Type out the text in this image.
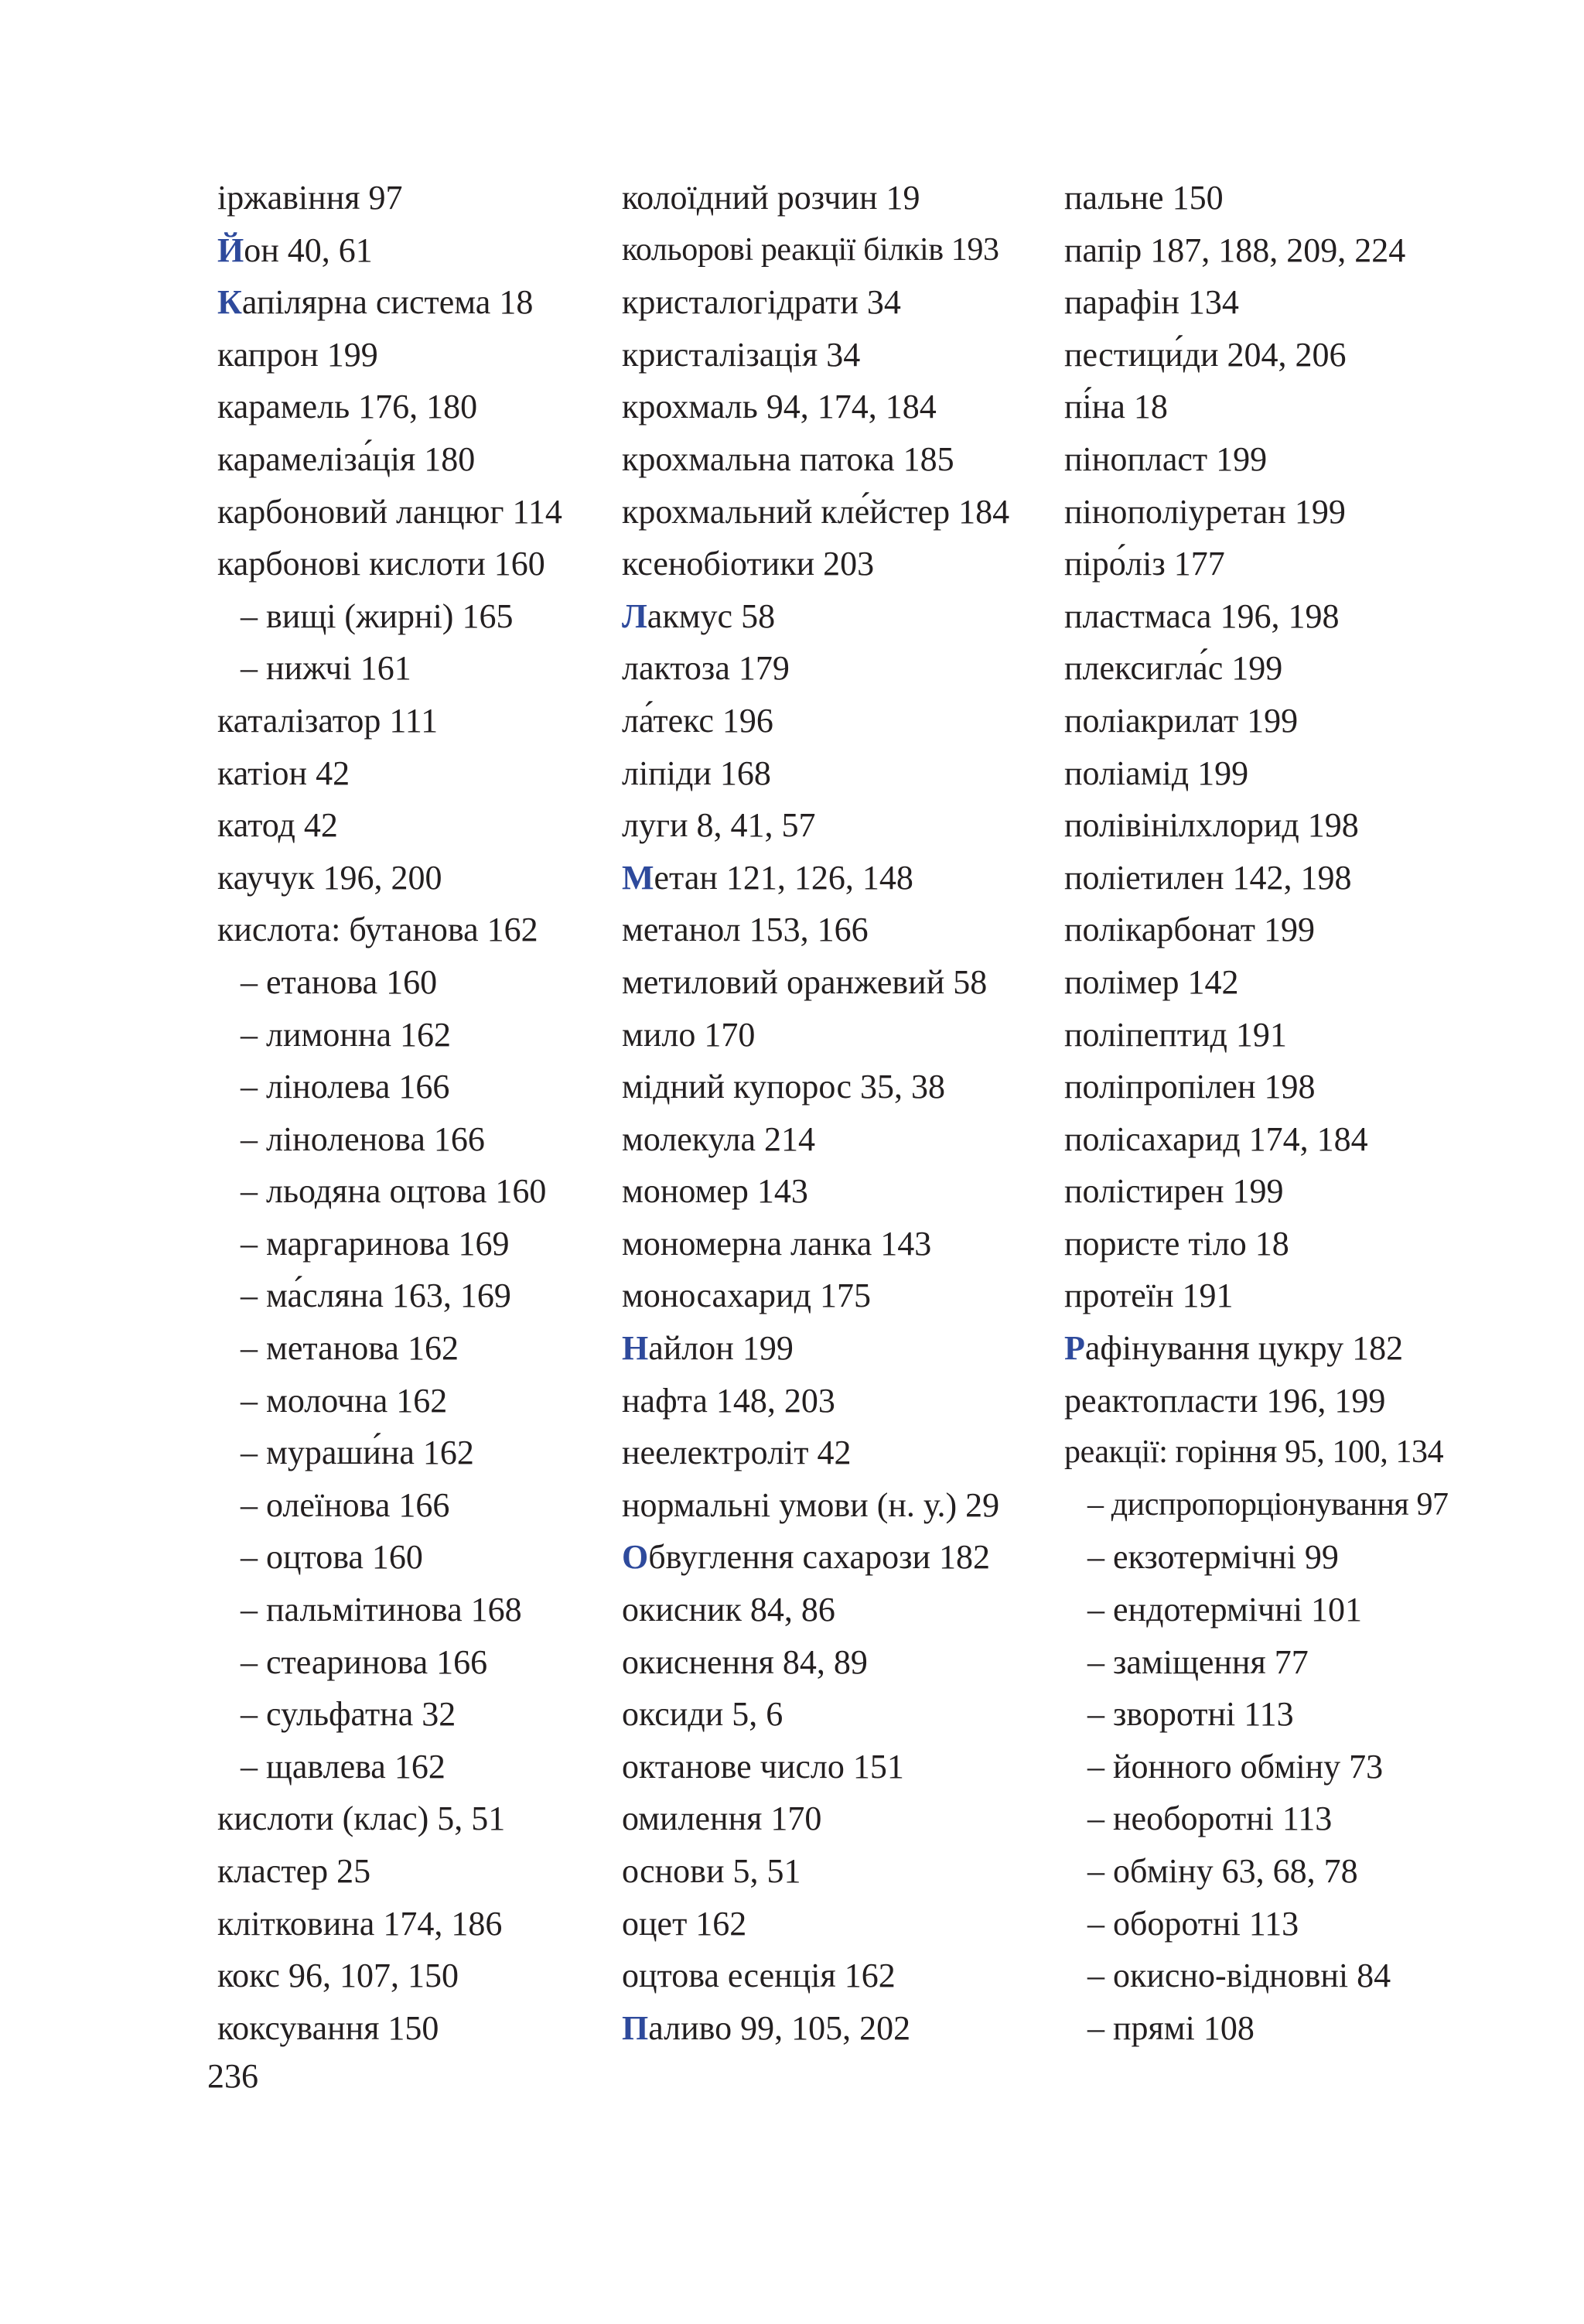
іржавіння 97
Йон 40, 61
Капілярна система 18
капрон 199
карамель 176, 180
карамеліза́ція 180
карбоновий ланцюг 114
карбонові кислоти 160
– вищі (жирні) 165
– нижчі 161
каталізатор 111
катіон 42
катод 42
каучук 196, 200
кислота: бутанова 162
– етанова 160
– лимонна 162
– лінолева 166
– ліноленова 166
– льодяна оцтова 160
– маргаринова 169
– ма́сляна 163, 169
– метанова 162
– молочна 162
– мураши́на 162
– олеїнова 166
– оцтова 160
– пальмітинова 168
– стеаринова 166
– сульфатна 32
– щавлева 162
кислоти (клас) 5, 51
кластер 25
клітковина 174, 186
кокс 96, 107, 150
коксування 150
колоїдний розчин 19
кольорові реакції білків 193
кристалогідрати 34
кристалізація 34
крохмаль 94, 174, 184
крохмальна патока 185
крохмальний кле́йстер 184
ксенобіотики 203
Лакмус 58
лактоза 179
ла́текс 196
ліпіди 168
луги 8, 41, 57
Метан 121, 126, 148
метанол 153, 166
метиловий оранжевий 58
мило 170
мідний купорос 35, 38
молекула 214
мономер 143
мономерна ланка 143
моносахарид 175
Найлон 199
нафта 148, 203
неелектроліт 42
нормальні умови (н. у.) 29
Обвуглення сахарози 182
окисник 84, 86
окиснення 84, 89
оксиди 5, 6
октанове число 151
омилення 170
основи 5, 51
оцет 162
оцтова есенція 162
Паливо 99, 105, 202
пальне 150
папір 187, 188, 209, 224
парафін 134
пестици́ди 204, 206
пі́на 18
пінопласт 199
пінополіуретан 199
піро́ліз 177
пластмаса 196, 198
плексигла́с 199
поліакрилат 199
поліамід 199
полівінілхлорид 198
поліетилен 142, 198
полікарбонат 199
полімер 142
поліпептид 191
поліпропілен 198
полісахарид 174, 184
полістирен 199
пористе тіло 18
протеїн 191
Рафінування цукру 182
реактопласти 196, 199
реакції: горіння 95, 100, 134
– диспропорціонування 97
– екзотермічні 99
– ендотермічні 101
– заміщення 77
– зворотні 113
– йонного обміну 73
– необоротні 113
– обміну 63, 68, 78
– оборотні 113
– окисно-відновні 84
– прямі 108
236
